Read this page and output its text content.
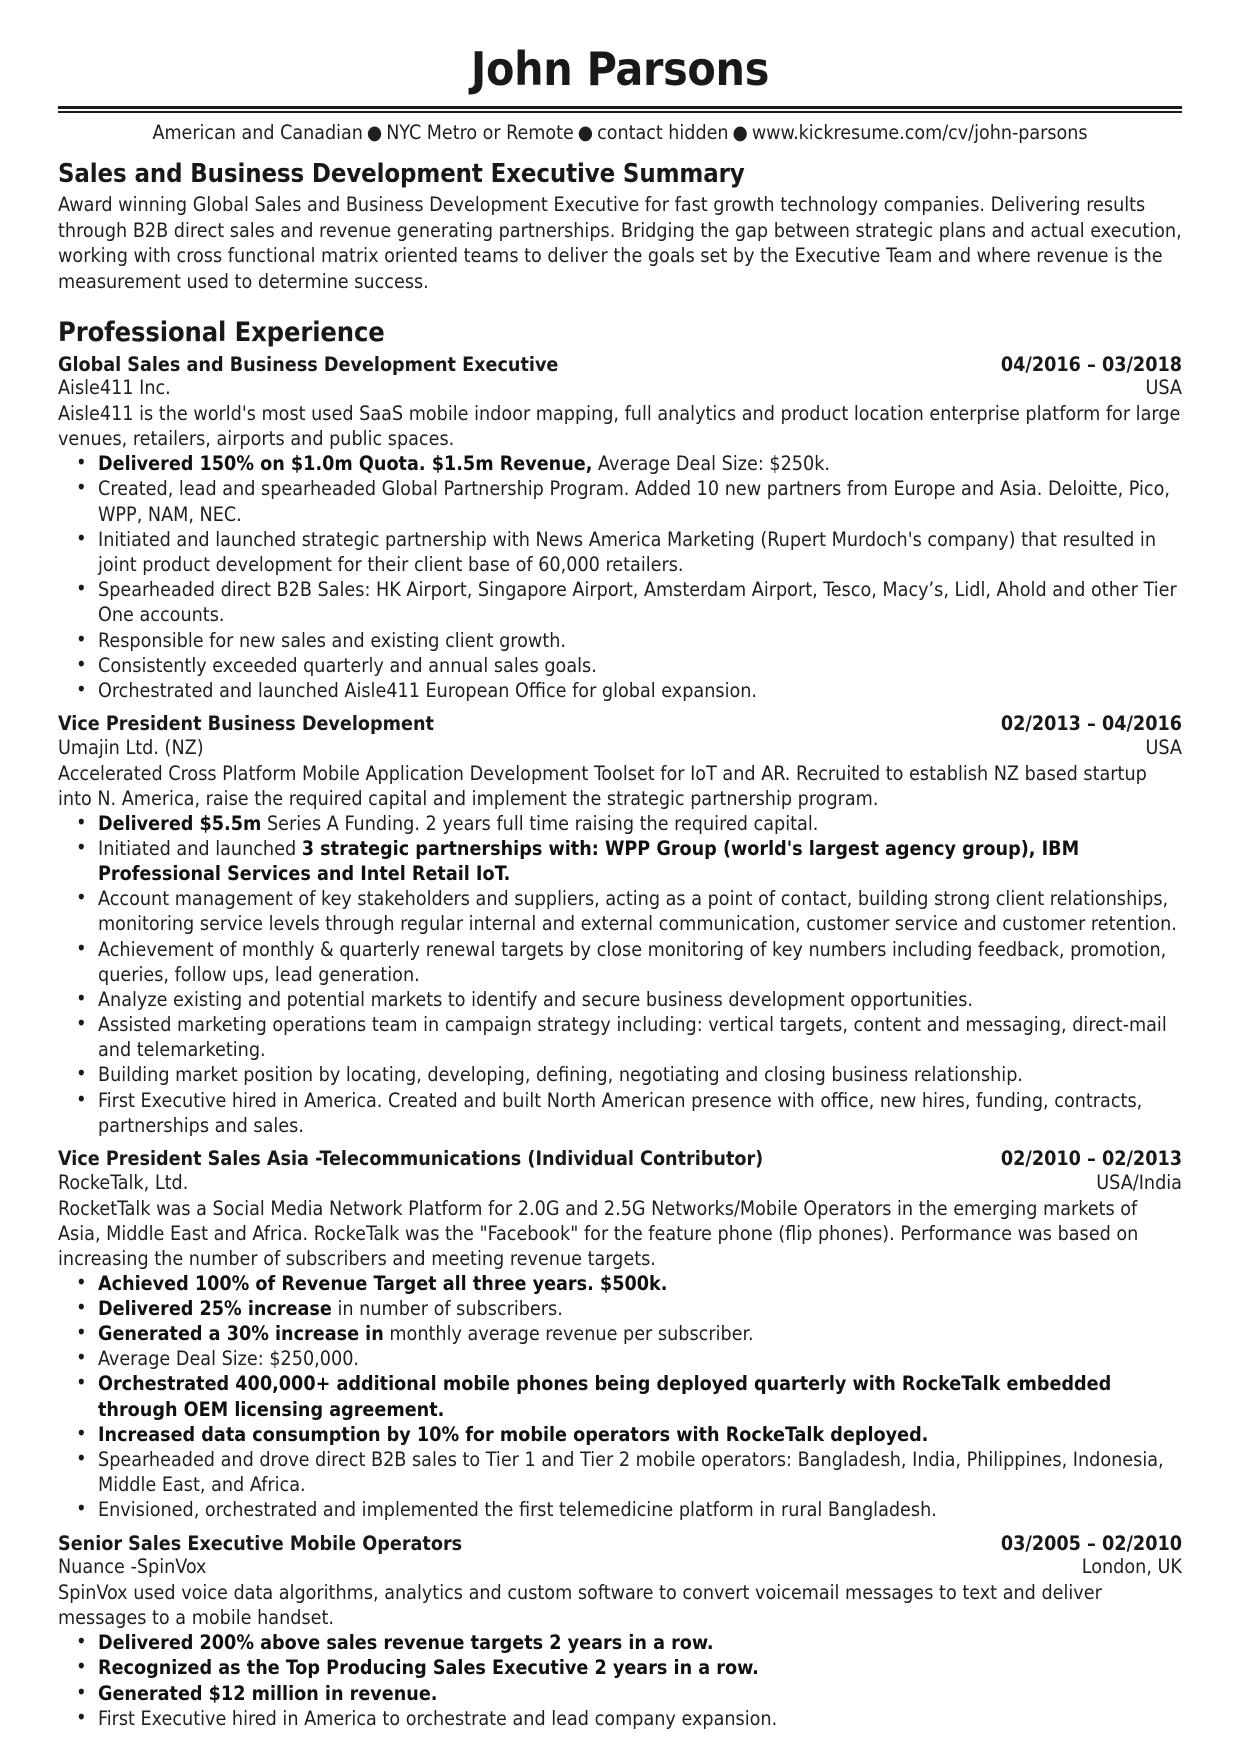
John Parsons
American and Canadian ● NYC Metro or Remote ● contact hidden ● www.kickresume.com/cv/john-parsons
Sales and Business Development Executive Summary

Award winning Global Sales and Business Development Executive for fast growth technology companies. Delivering results through B2B direct sales and revenue generating partnerships. Bridging the gap between strategic plans and actual execution, working with cross functional matrix oriented teams to deliver the goals set by the Executive Team and where revenue is the measurement used to determine success.

Professional Experience
Global Sales and Business Development Executive	04/2016 – 03/2018
Aisle411 Inc.	USA

Aisle411 is the world's most used SaaS mobile indoor mapping, full analytics and product location enterprise platform for large venues, retailers, airports and public spaces.

• Delivered 150% on $1.0m Quota. $1.5m Revenue, Average Deal Size: $250k.
• Created, lead and spearheaded Global Partnership Program. Added 10 new partners from Europe and Asia. Deloitte, Pico, WPP, NAM, NEC.
• Initiated and launched strategic partnership with News America Marketing (Rupert Murdoch's company) that resulted in joint product development for their client base of 60,000 retailers.
• Spearheaded direct B2B Sales: HK Airport, Singapore Airport, Amsterdam Airport, Tesco, Macy’s, Lidl, Ahold and other Tier One accounts.
• Responsible for new sales and existing client growth.
• Consistently exceeded quarterly and annual sales goals.
• Orchestrated and launched Aisle411 European Office for global expansion.
Vice President Business Development	02/2013 – 04/2016
Umajin Ltd. (NZ)	USA

Accelerated Cross Platform Mobile Application Development Toolset for IoT and AR. Recruited to establish NZ based startup into N. America, raise the required capital and implement the strategic partnership program.

• Delivered $5.5m Series A Funding. 2 years full time raising the required capital.
• Initiated and launched 3 strategic partnerships with: WPP Group (world's largest agency group), IBM Professional Services and Intel Retail IoT.
• Account management of key stakeholders and suppliers, acting as a point of contact, building strong client relationships, monitoring service levels through regular internal and external communication, customer service and customer retention.
• Achievement of monthly & quarterly renewal targets by close monitoring of key numbers including feedback, promotion, queries, follow ups, lead generation.
• Analyze existing and potential markets to identify and secure business development opportunities.
• Assisted marketing operations team in campaign strategy including: vertical targets, content and messaging, direct-mail and telemarketing.
• Building market position by locating, developing, defining, negotiating and closing business relationship.
• First Executive hired in America. Created and built North American presence with office, new hires, funding, contracts, partnerships and sales.
Vice President Sales Asia -Telecommunications (Individual Contributor)	02/2010 – 02/2013
RockeTalk, Ltd.	USA/India

RocketTalk was a Social Media Network Platform for 2.0G and 2.5G Networks/Mobile Operators in the emerging markets of Asia, Middle East and Africa. RockeTalk was the "Facebook" for the feature phone (flip phones). Performance was based on increasing the number of subscribers and meeting revenue targets.

• Achieved 100% of Revenue Target all three years. $500k.
• Delivered 25% increase in number of subscribers.
• Generated a 30% increase in monthly average revenue per subscriber.
• Average Deal Size: $250,000.
• Orchestrated 400,000+ additional mobile phones being deployed quarterly with RockeTalk embedded through OEM licensing agreement.
• Increased data consumption by 10% for mobile operators with RockeTalk deployed.
• Spearheaded and drove direct B2B sales to Tier 1 and Tier 2 mobile operators: Bangladesh, India, Philippines, Indonesia, Middle East, and Africa.
• Envisioned, orchestrated and implemented the first telemedicine platform in rural Bangladesh.
Senior Sales Executive Mobile Operators	03/2005 – 02/2010
Nuance -SpinVox	London, UK

SpinVox used voice data algorithms, analytics and custom software to convert voicemail messages to text and deliver messages to a mobile handset.

• Delivered 200% above sales revenue targets 2 years in a row.
• Recognized as the Top Producing Sales Executive 2 years in a row.
• Generated $12 million in revenue.
• First Executive hired in America to orchestrate and lead company expansion.
